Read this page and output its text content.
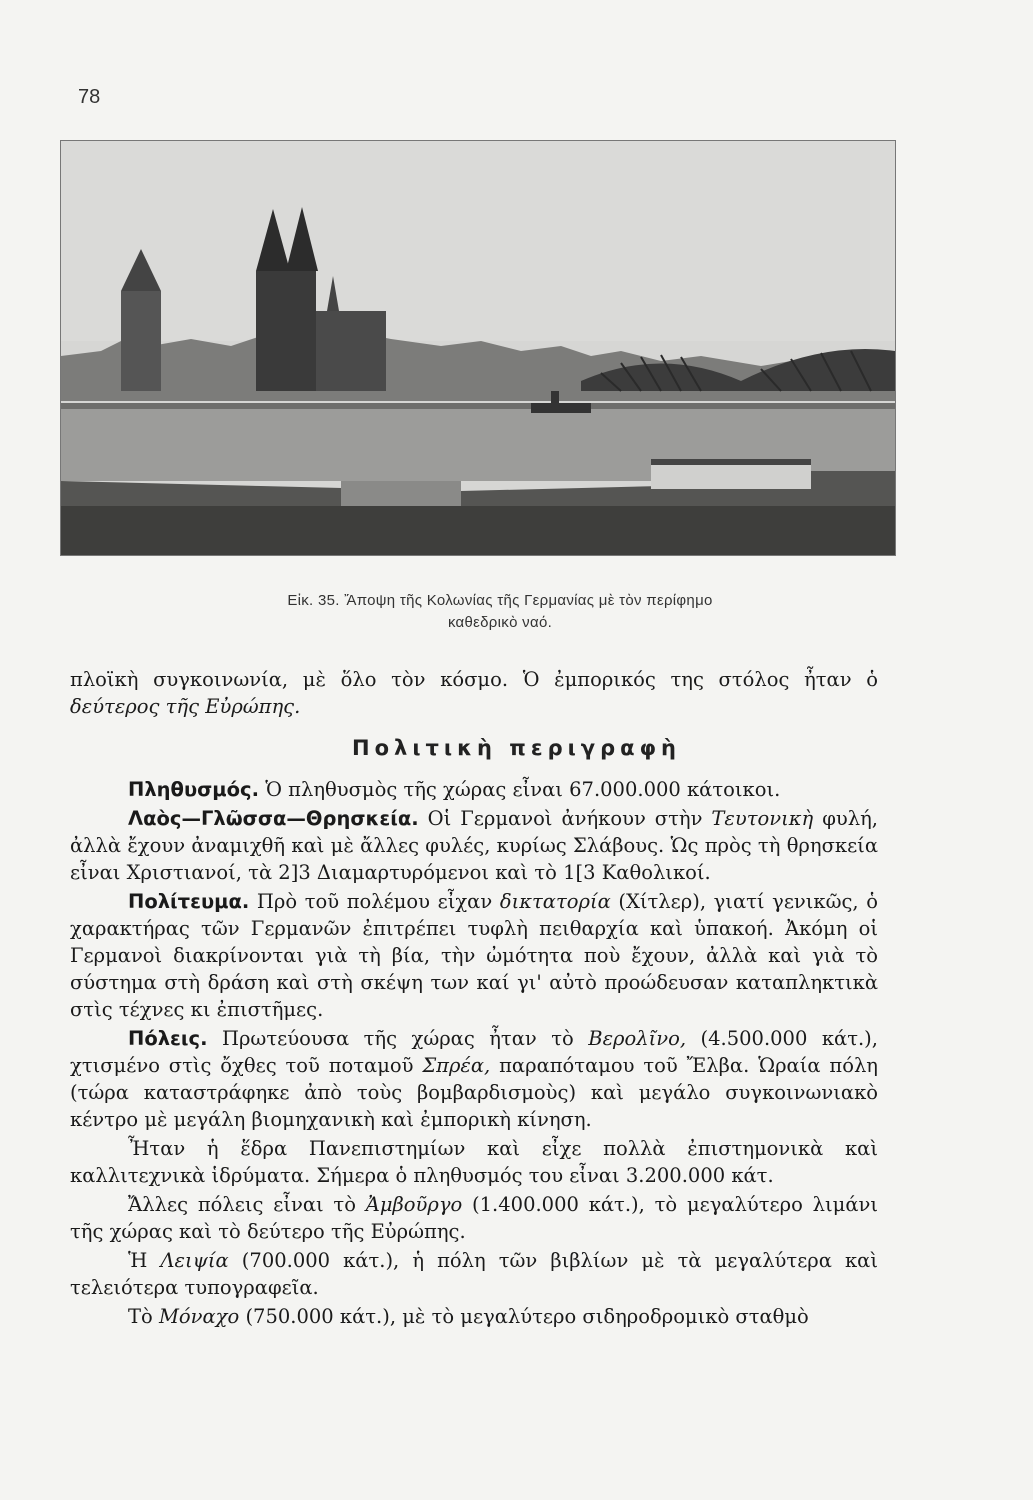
78
Εἰκ. 35. Ἄποψη τῆς Κολωνίας τῆς Γερμανίας μὲ τὸν περίφημο
καθεδρικὸ ναό.
πλοϊκὴ συγκοινωνία, μὲ ὅλο τὸν κόσμο. Ὁ ἐμπορικός της στόλος ἦταν ὁ δεύτερος τῆς Εὐρώπης.
Πολιτικὴ περιγραφὴ

Πληθυσμός. Ὁ πληθυσμὸς τῆς χώρας εἶναι 67.000.000 κάτοικοι.

Λαὸς—Γλῶσσα—Θρησκεία. Οἱ Γερμανοὶ ἀνήκουν στὴν Τευτονικὴ φυλή, ἀλλὰ ἔχουν ἀναμιχθῆ καὶ μὲ ἄλλες φυλές, κυρίως Σλάβους. Ὡς πρὸς τὴ θρησκεία εἶναι Χριστιανοί, τὰ 2]3 Διαμαρτυρόμενοι καὶ τὸ 1[3 Καθολικοί.

Πολίτευμα. Πρὸ τοῦ πολέμου εἶχαν δικτατορία (Χίτλερ), γιατί γενικῶς, ὁ χαρακτήρας τῶν Γερμανῶν ἐπιτρέπει τυφλὴ πειθαρχία καὶ ὑπακοή. Ἀκόμη οἱ Γερμανοὶ διακρίνονται γιὰ τὴ βία, τὴν ὠμότητα ποὺ ἔχουν, ἀλλὰ καὶ γιὰ τὸ σύστημα στὴ δράση καὶ στὴ σκέψη των καί γι' αὐτὸ προώδευσαν καταπληκτικὰ στὶς τέχνες κι ἐπιστῆμες.

Πόλεις. Πρωτεύουσα τῆς χώρας ἦταν τὸ Βερολῖνο, (4.500.000 κάτ.), χτισμένο στὶς ὄχθες τοῦ ποταμοῦ Σπρέα, παραπόταμου τοῦ Ἔλβα. Ὡραία πόλη (τώρα καταστράφηκε ἀπὸ τοὺς βομβαρδισμοὺς) καὶ μεγάλο συγκοινωνιακὸ κέντρο μὲ μεγάλη βιομηχανικὴ καὶ ἐμπορικὴ κίνηση.

Ἦταν ἡ ἕδρα Πανεπιστημίων καὶ εἶχε πολλὰ ἐπιστημονικὰ καὶ καλλιτεχνικὰ ἱδρύματα. Σήμερα ὁ πληθυσμός του εἶναι 3.200.000 κάτ.

Ἄλλες πόλεις εἶναι τὸ Ἀμβοῦργο (1.400.000 κάτ.), τὸ μεγαλύτερο λιμάνι τῆς χώρας καὶ τὸ δεύτερο τῆς Εὐρώπης.

Ἡ Λειψία (700.000 κάτ.), ἡ πόλη τῶν βιβλίων μὲ τὰ μεγαλύτερα καὶ τελειότερα τυπογραφεῖα.

Τὸ Μόναχο (750.000 κάτ.), μὲ τὸ μεγαλύτερο σιδηροδρομικὸ σταθμὸ
